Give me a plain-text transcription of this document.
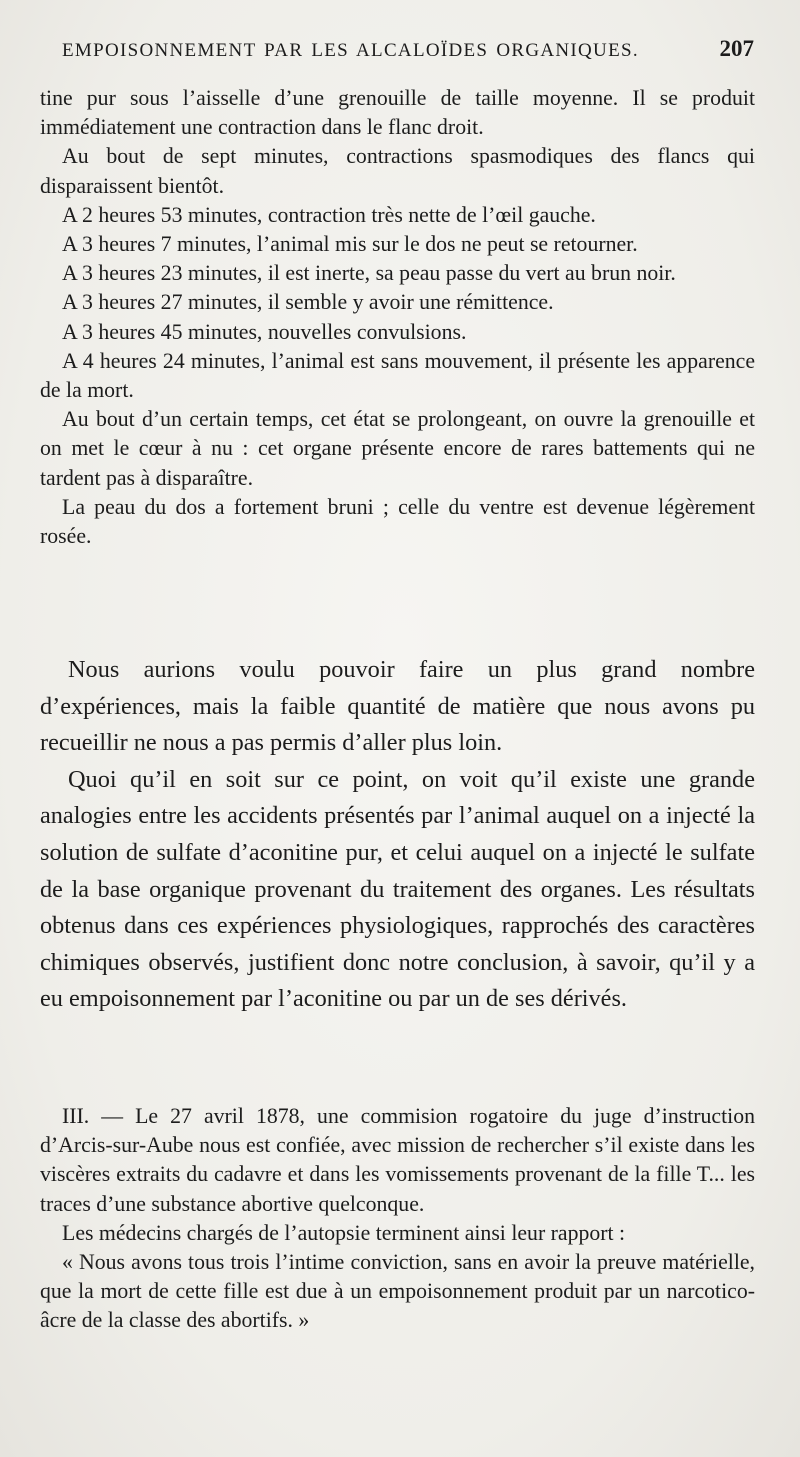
EMPOISONNEMENT PAR LES ALCALOÏDES ORGANIQUES.	207

tine pur sous l’aisselle d’une grenouille de taille moyenne. Il se produit immédiatement une contraction dans le flanc droit.

Au bout de sept minutes, contractions spasmodiques des flancs qui disparaissent bientôt.

A 2 heures 53 minutes, contraction très nette de l’œil gauche.

A 3 heures 7 minutes, l’animal mis sur le dos ne peut se retourner.

A 3 heures 23 minutes, il est inerte, sa peau passe du vert au brun noir.

A 3 heures 27 minutes, il semble y avoir une rémittence.

A 3 heures 45 minutes, nouvelles convulsions.

A 4 heures 24 minutes, l’animal est sans mouvement, il présente les apparence de la mort.

Au bout d’un certain temps, cet état se prolongeant, on ouvre la grenouille et on met le cœur à nu : cet organe présente encore de rares battements qui ne tardent pas à disparaître.

La peau du dos a fortement bruni ; celle du ventre est devenue légèrement rosée.

Nous aurions voulu pouvoir faire un plus grand nombre d’expériences, mais la faible quantité de matière que nous avons pu recueillir ne nous a pas permis d’aller plus loin.

Quoi qu’il en soit sur ce point, on voit qu’il existe une grande analogies entre les accidents présentés par l’animal auquel on a injecté la solution de sulfate d’aconitine pur, et celui auquel on a injecté le sulfate de la base organique provenant du traitement des organes. Les résultats obtenus dans ces expériences physiologiques, rapprochés des caractères chimiques observés, justifient donc notre conclusion, à savoir, qu’il y a eu empoisonnement par l’aconitine ou par un de ses dérivés.

III. — Le 27 avril 1878, une commision rogatoire du juge d’instruction d’Arcis-sur-Aube nous est confiée, avec mission de rechercher s’il existe dans les viscères extraits du cadavre et dans les vomissements provenant de la fille T... les traces d’une substance abortive quelconque.

Les médecins chargés de l’autopsie terminent ainsi leur rapport :

« Nous avons tous trois l’intime conviction, sans en avoir la preuve matérielle, que la mort de cette fille est due à un empoisonnement produit par un narcotico-âcre de la classe des abortifs. »
